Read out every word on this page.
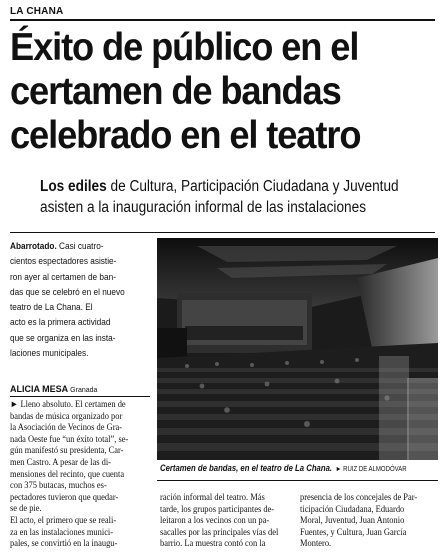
LA CHANA
Éxito de público en el
certamen de bandas
celebrado en el teatro
Los ediles de Cultura, Participación Ciudadana y Juventud
asisten a la inauguración informal de las instalaciones
Abarrotado. Casi cuatro-
cientos espectadores asistie-
ron ayer al certamen de ban-
das que se celebró en el nuevo
teatro de La Chana. El
acto es la primera actividad
que se organiza en las insta-
laciones municipales.
ALICIA MESA Granada
► Lleno absoluto. El certamen de
bandas de música organizado por
la Asociación de Vecinos de Gra-
nada Oeste fue “un éxito total”, se-
gún manifestó su presidenta, Car-
men Castro. A pesar de las di-
mensiones del recinto, que cuenta
con 375 butacas, muchos es-
pectadores tuvieron que quedar-
se de pie.
El acto, el primero que se reali-
za en las instalaciones munici-
pales, se convirtió en la inaugu-
Certamen de bandas, en el teatro de La Chana. ► RUIZ DE ALMODÓVAR
ración informal del teatro. Más
tarde, los grupos participantes de-
leitaron a los vecinos con un pa-
sacalles por las principales vías del
barrio. La muestra contó con la
presencia de los concejales de Par-
ticipación Ciudadana, Eduardo
Moral, Juventud, Juan Antonio
Fuentes, y Cultura, Juan García
Montero.
